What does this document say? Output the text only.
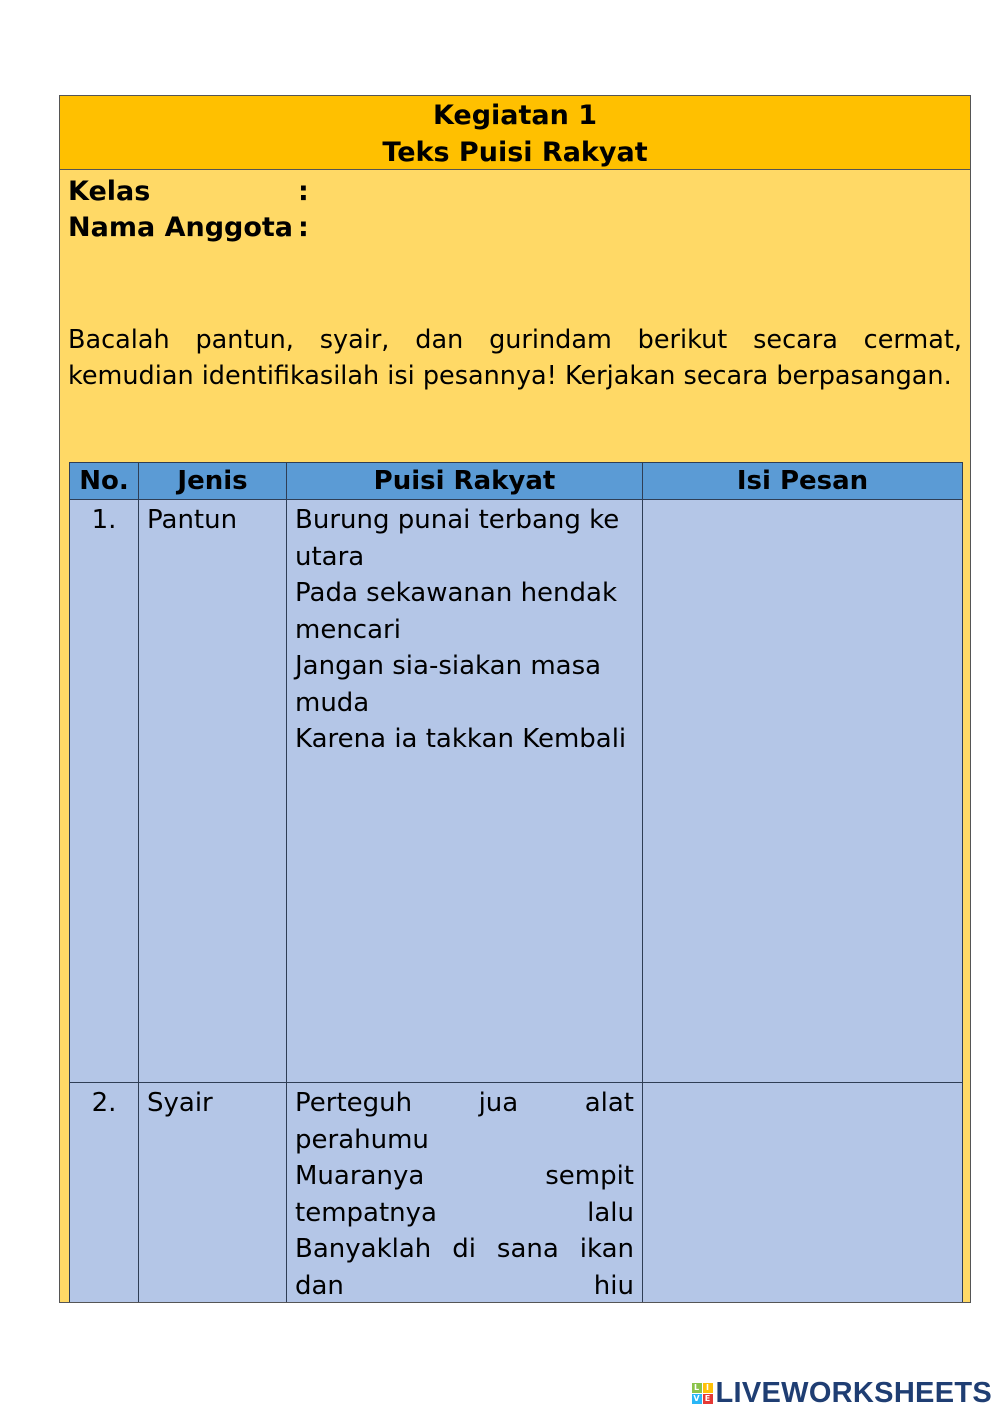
Kegiatan 1
Teks Puisi Rakyat
Kelas	:
Nama Anggota :
Bacalah pantun, syair, dan gurindam berikut secara cermat, kemudian identifikasilah isi pesannya! Kerjakan secara berpasangan.
No.	Jenis	Puisi Rakyat	Isi Pesan
1.	Pantun	Burung punai terbang ke utara
Pada sekawanan hendak mencari
Jangan sia-siakan masa muda
Karena ia takkan Kembali	

2.	Syair	Perteguh jua alat perahumu
Muaranya sempit tempatnya lalu
Banyaklah di sana ikan dan hiu	

L I
V E LIVEWORKSHEETS
